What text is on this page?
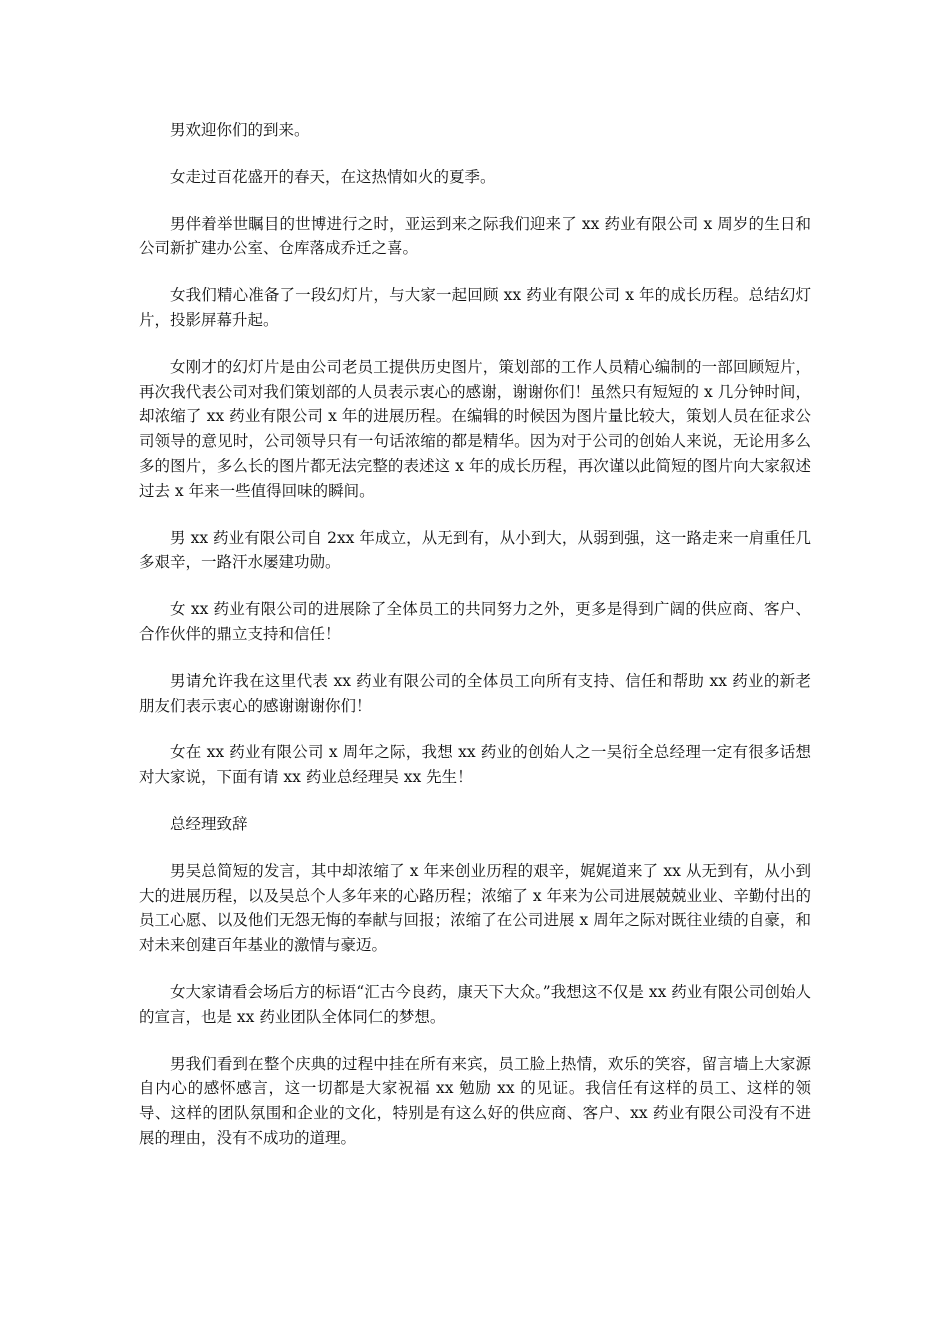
男欢迎你们的到来。

女走过百花盛开的春天，在这热情如火的夏季。

男伴着举世瞩目的世博进行之时，亚运到来之际我们迎来了 xx 药业有限公司 x 周岁的生日和公司新扩建办公室、仓库落成乔迁之喜。

女我们精心准备了一段幻灯片，与大家一起回顾 xx 药业有限公司 x 年的成长历程。总结幻灯片，投影屏幕升起。

女刚才的幻灯片是由公司老员工提供历史图片，策划部的工作人员精心编制的一部回顾短片，再次我代表公司对我们策划部的人员表示衷心的感谢，谢谢你们！虽然只有短短的 x 几分钟时间，却浓缩了 xx 药业有限公司 x 年的进展历程。在编辑的时候因为图片量比较大，策划人员在征求公司领导的意见时，公司领导只有一句话浓缩的都是精华。因为对于公司的创始人来说，无论用多么多的图片，多么长的图片都无法完整的表述这 x 年的成长历程，再次谨以此简短的图片向大家叙述过去 x 年来一些值得回味的瞬间。

男 xx 药业有限公司自 2xx 年成立，从无到有，从小到大，从弱到强，这一路走来一肩重任几多艰辛，一路汗水屡建功勋。

女 xx 药业有限公司的进展除了全体员工的共同努力之外，更多是得到广阔的供应商、客户、合作伙伴的鼎立支持和信任！

男请允许我在这里代表 xx 药业有限公司的全体员工向所有支持、信任和帮助 xx 药业的新老朋友们表示衷心的感谢谢谢你们！

女在 xx 药业有限公司 x 周年之际，我想 xx 药业的创始人之一吴衍全总经理一定有很多话想对大家说，下面有请 xx 药业总经理吴 xx 先生！

总经理致辞

男吴总简短的发言，其中却浓缩了 x 年来创业历程的艰辛，娓娓道来了 xx 从无到有，从小到大的进展历程，以及吴总个人多年来的心路历程；浓缩了 x 年来为公司进展兢兢业业、辛勤付出的员工心愿、以及他们无怨无悔的奉献与回报；浓缩了在公司进展 x 周年之际对既往业绩的自豪，和对未来创建百年基业的激情与豪迈。

女大家请看会场后方的标语“汇古今良药，康天下大众。”我想这不仅是 xx 药业有限公司创始人的宣言，也是 xx 药业团队全体同仁的梦想。

男我们看到在整个庆典的过程中挂在所有来宾，员工脸上热情，欢乐的笑容，留言墙上大家源自内心的感怀感言，这一切都是大家祝福 xx 勉励 xx 的见证。我信任有这样的员工、这样的领导、这样的团队氛围和企业的文化，特别是有这么好的供应商、客户、xx 药业有限公司没有不进展的理由，没有不成功的道理。
